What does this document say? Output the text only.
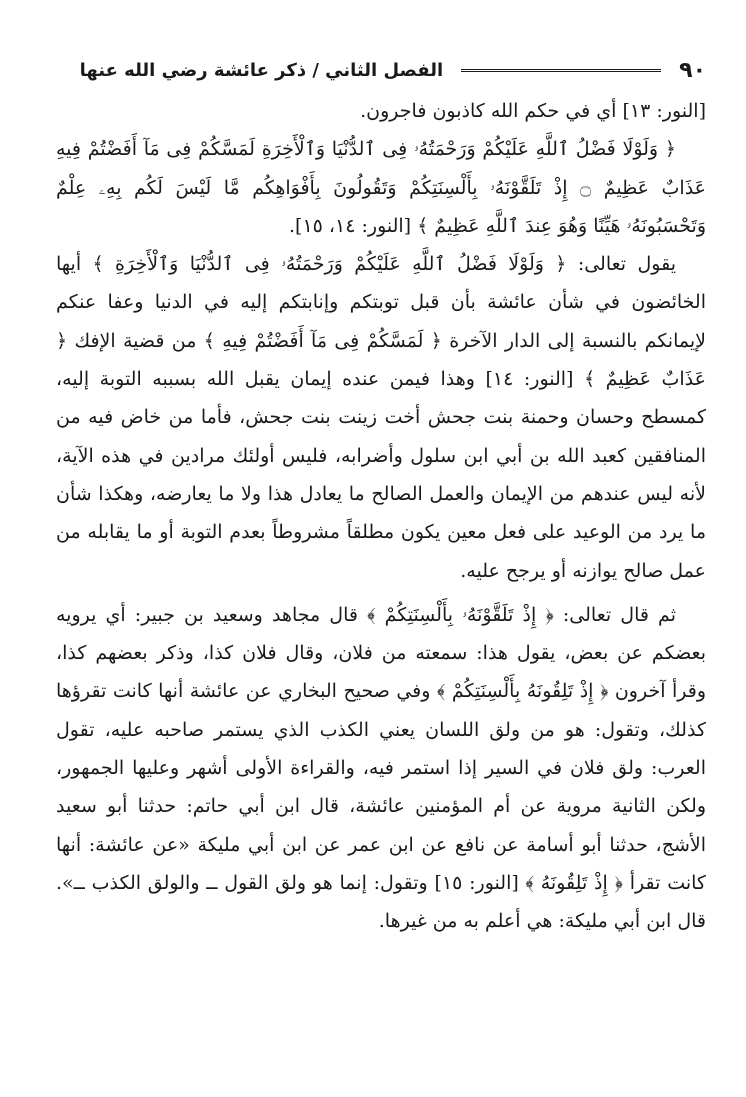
٩٠
الفصل الثاني / ذكر عائشة رضي الله عنها

[النور: ١٣] أي في حكم الله كاذبون فاجرون.

﴿ وَلَوْلَا فَضْلُ ٱللَّهِ عَلَيْكُمْ وَرَحْمَتُهُۥ فِى ٱلدُّنْيَا وَٱلْأَخِرَةِ لَمَسَّكُمْ فِى مَآ أَفَضْتُمْ فِيهِ عَذَابٌ عَظِيمٌ ۝ إِذْ تَلَقَّوْنَهُۥ بِأَلْسِنَتِكُمْ وَتَقُولُونَ بِأَفْوَاهِكُم مَّا لَيْسَ لَكُم بِهِۦ عِلْمٌ وَتَحْسَبُونَهُۥ هَيِّنًا وَهُوَ عِندَ ٱللَّهِ عَظِيمٌ ﴾ [النور: ١٤، ١٥].

يقول تعالى: ﴿ وَلَوْلَا فَضْلُ ٱللَّهِ عَلَيْكُمْ وَرَحْمَتُهُۥ فِى ٱلدُّنْيَا وَٱلْأَخِرَةِ ﴾ أيها الخائضون في شأن عائشة بأن قبل توبتكم وإنابتكم إليه في الدنيا وعفا عنكم لإيمانكم بالنسبة إلى الدار الآخرة ﴿ لَمَسَّكُمْ فِى مَآ أَفَضْتُمْ فِيهِ ﴾ من قضية الإفك ﴿ عَذَابٌ عَظِيمٌ ﴾ [النور: ١٤] وهذا فيمن عنده إيمان يقبل الله بسببه التوبة إليه، كمسطح وحسان وحمنة بنت جحش أخت زينت بنت جحش، فأما من خاض فيه من المنافقين كعبد الله بن أبي ابن سلول وأضرابه، فليس أولئك مرادين في هذه الآية، لأنه ليس عندهم من الإيمان والعمل الصالح ما يعادل هذا ولا ما يعارضه، وهكذا شأن ما يرد من الوعيد على فعل معين يكون مطلقاً مشروطاً بعدم التوبة أو ما يقابله من عمل صالح يوازنه أو يرجح عليه.

ثم قال تعالى: ﴿ إِذْ تَلَقَّوْنَهُۥ بِأَلْسِنَتِكُمْ ﴾ قال مجاهد وسعيد بن جبير: أي يرويه بعضكم عن بعض، يقول هذا: سمعته من فلان، وقال فلان كذا، وذكر بعضهم كذا، وقرأ آخرون ﴿ إِذْ تَلِقُونَهُ بِأَلْسِنَتِكُمْ ﴾ وفي صحيح البخاري عن عائشة أنها كانت تقرؤها كذلك، وتقول: هو من ولق اللسان يعني الكذب الذي يستمر صاحبه عليه، تقول العرب: ولق فلان في السير إذا استمر فيه، والقراءة الأولى أشهر وعليها الجمهور، ولكن الثانية مروية عن أم المؤمنين عائشة، قال ابن أبي حاتم: حدثنا أبو سعيد الأشج، حدثنا أبو أسامة عن نافع عن ابن عمر عن ابن أبي مليكة «عن عائشة: أنها كانت تقرأ ﴿ إِذْ تَلِقُونَهُ ﴾ [النور: ١٥] وتقول: إنما هو ولق القول ــ والولق الكذب ــ». قال ابن أبي مليكة: هي أعلم به من غيرها.
